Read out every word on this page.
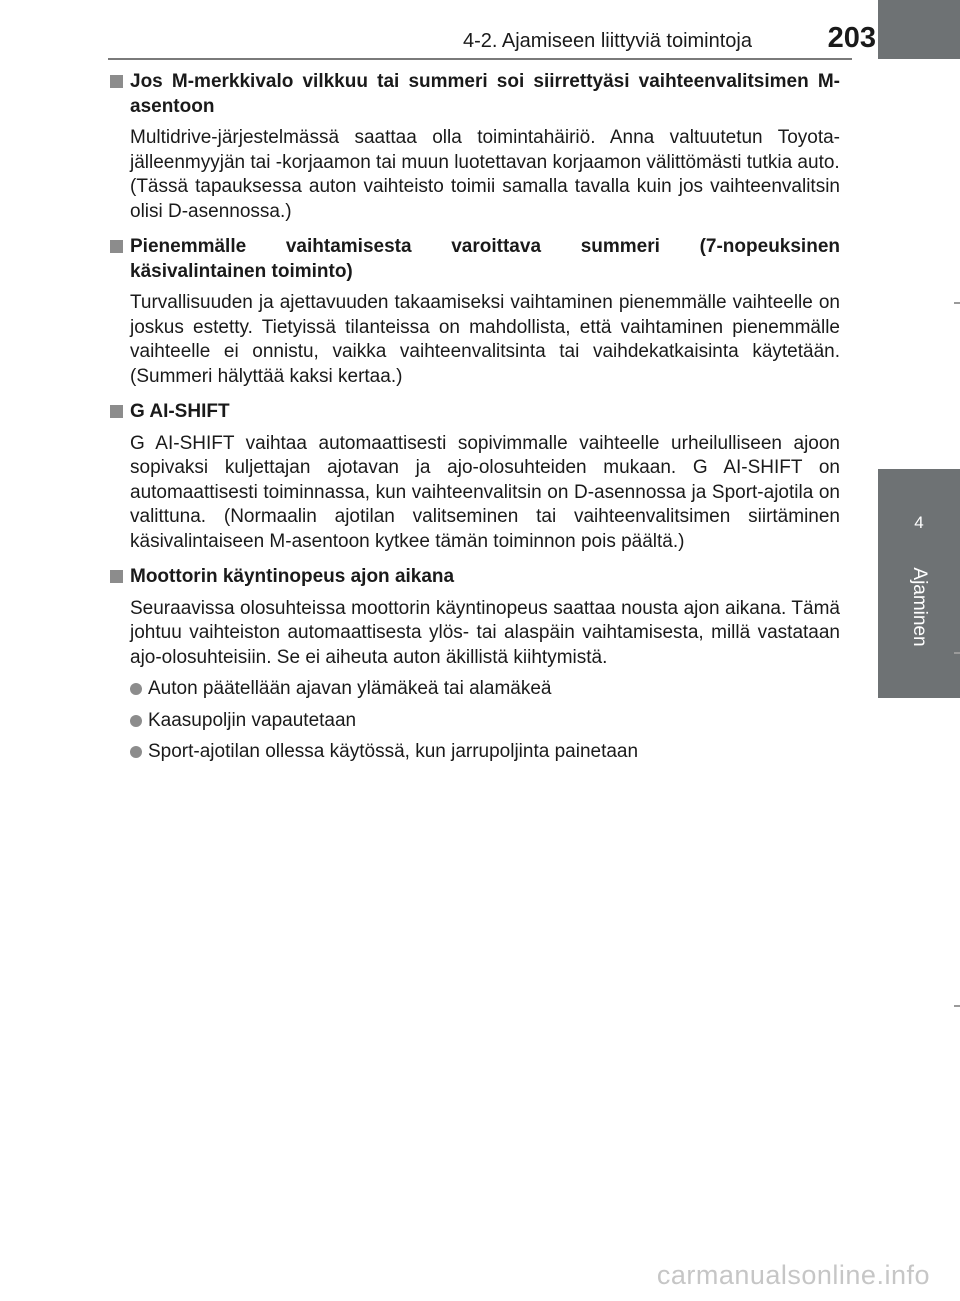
4-2. Ajamiseen liittyviä toimintoja	203
4
Ajaminen
Jos M-merkkivalo vilkkuu tai summeri soi siirrettyäsi vaihteenvalitsimen M-asentoon

Multidrive-järjestelmässä saattaa olla toimintahäiriö. Anna valtuutetun Toyota-jälleenmyyjän tai -korjaamon tai muun luotettavan korjaamon välittömästi tutkia auto.

(Tässä tapauksessa auton vaihteisto toimii samalla tavalla kuin jos vaihteenvalitsin olisi D-asennossa.)

Pienemmälle vaihtamisesta varoittava summeri (7-nopeuksinen käsivalintainen toiminto)

Turvallisuuden ja ajettavuuden takaamiseksi vaihtaminen pienemmälle vaihteelle on joskus estetty. Tietyissä tilanteissa on mahdollista, että vaihtaminen pienemmälle vaihteelle ei onnistu, vaikka vaihteenvalitsinta tai vaihdekatkaisinta käytetään. (Summeri hälyttää kaksi kertaa.)

G AI-SHIFT

G AI-SHIFT vaihtaa automaattisesti sopivimmalle vaihteelle urheilulliseen ajoon sopivaksi kuljettajan ajotavan ja ajo-olosuhteiden mukaan. G AI-SHIFT on automaattisesti toiminnassa, kun vaihteenvalitsin on D-asennossa ja Sport-ajotila on valittuna. (Normaalin ajotilan valitseminen tai vaihteenvalitsimen siirtäminen käsivalintaiseen M-asentoon kytkee tämän toiminnon pois päältä.)

Moottorin käyntinopeus ajon aikana

Seuraavissa olosuhteissa moottorin käyntinopeus saattaa nousta ajon aikana. Tämä johtuu vaihteiston automaattisesta ylös- tai alaspäin vaihtamisesta, millä vastataan ajo-olosuhteisiin. Se ei aiheuta auton äkillistä kiihtymistä.

Auton päätellään ajavan ylämäkeä tai alamäkeä
Kaasupoljin vapautetaan
Sport-ajotilan ollessa käytössä, kun jarrupoljinta painetaan
carmanualsonline.info
